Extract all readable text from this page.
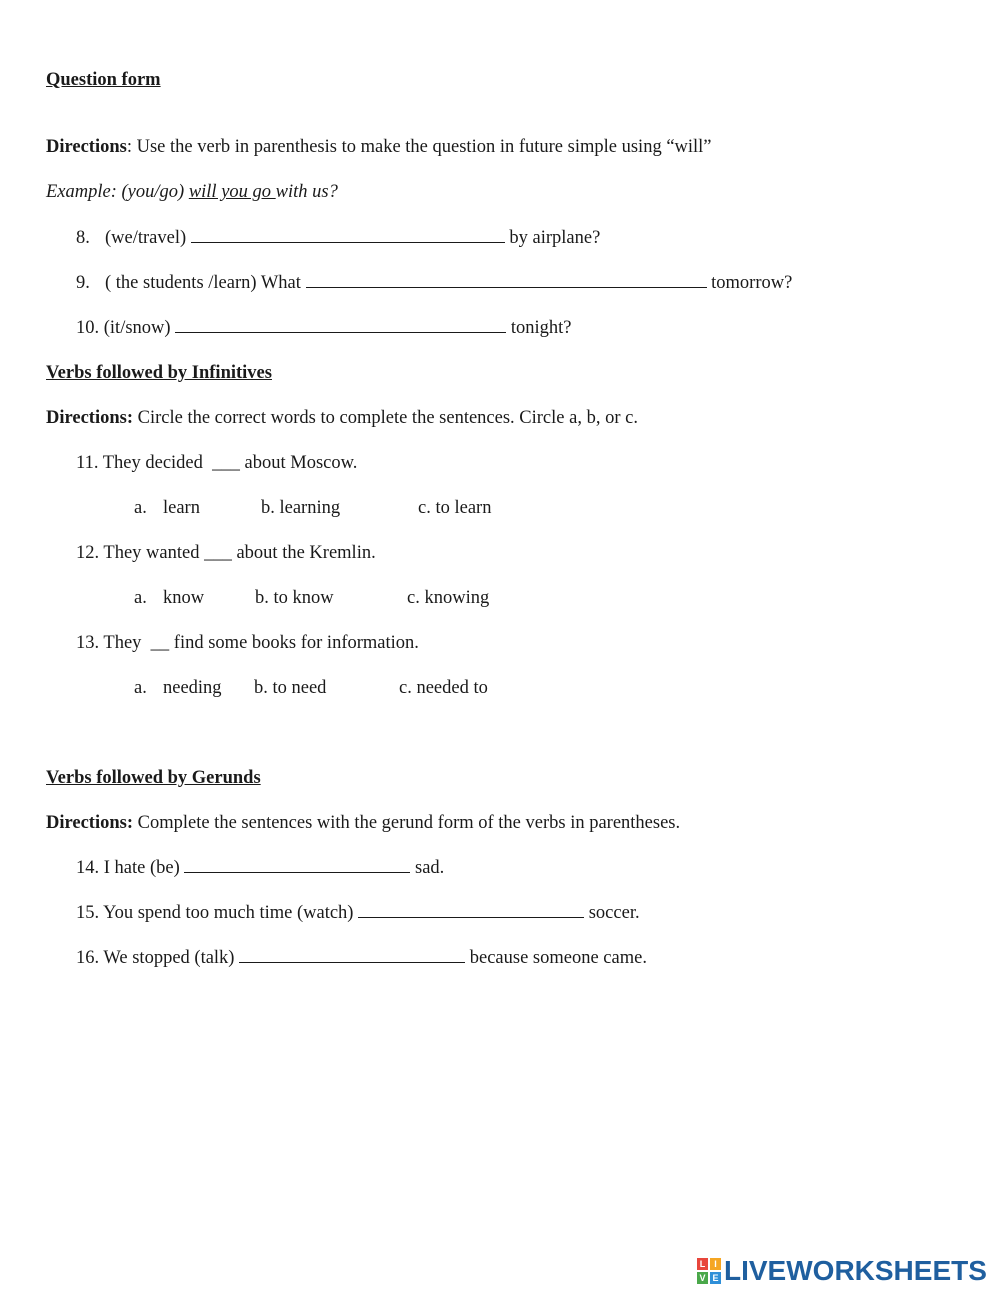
Question form
Directions: Use the verb in parenthesis to make the question in future simple using “will”
Example: (you/go) will you go with us?
8. (we/travel)	by airplane?
9. ( the students /learn) What	tomorrow?
10. (it/snow)	tonight?
Verbs followed by Infinitives
Directions: Circle the correct words to complete the sentences. Circle a, b, or c.
11. They decided  ___ about Moscow.
a. learn	b. learning	c. to learn
12. They wanted ___ about the Kremlin.
a. know	b. to know	c. knowing
13. They  __ find some books for information.
a. needing b. to need	c. needed to
Verbs followed by Gerunds
Directions: Complete the sentences with the gerund form of the verbs in parentheses.
14. I hate (be)	sad.
15. You spend too much time (watch)	soccer.
16. We stopped (talk)	because someone came.
L I
V E LIVEWORKSHEETS
